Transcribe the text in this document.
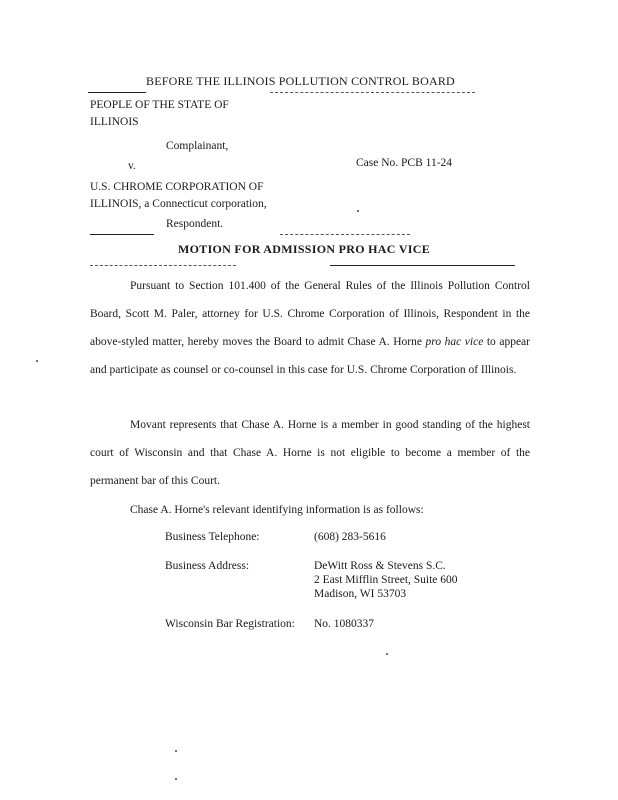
BEFORE THE ILLINOIS POLLUTION CONTROL BOARD
PEOPLE OF THE STATE OF
ILLINOIS
Complainant,
v.	Case No. PCB 11-24
U.S. CHROME CORPORATION OF
ILLINOIS, a Connecticut corporation,
Respondent.
MOTION FOR ADMISSION PRO HAC VICE
Pursuant to Section 101.400 of the General Rules of the Illinois Pollution Control Board, Scott M. Paler, attorney for U.S. Chrome Corporation of Illinois, Respondent in the above-styled matter, hereby moves the Board to admit Chase A. Horne pro hac vice to appear and participate as counsel or co-counsel in this case for U.S. Chrome Corporation of Illinois.
Movant represents that Chase A. Horne is a member in good standing of the highest court of Wisconsin and that Chase A. Horne is not eligible to become a member of the permanent bar of this Court.
Chase A. Horne's relevant identifying information is as follows:
Business Telephone:	(608) 283-5616
Business Address:	DeWitt Ross & Stevens S.C.
2 East Mifflin Street, Suite 600
Madison, WI 53703
Wisconsin Bar Registration: No. 1080337
